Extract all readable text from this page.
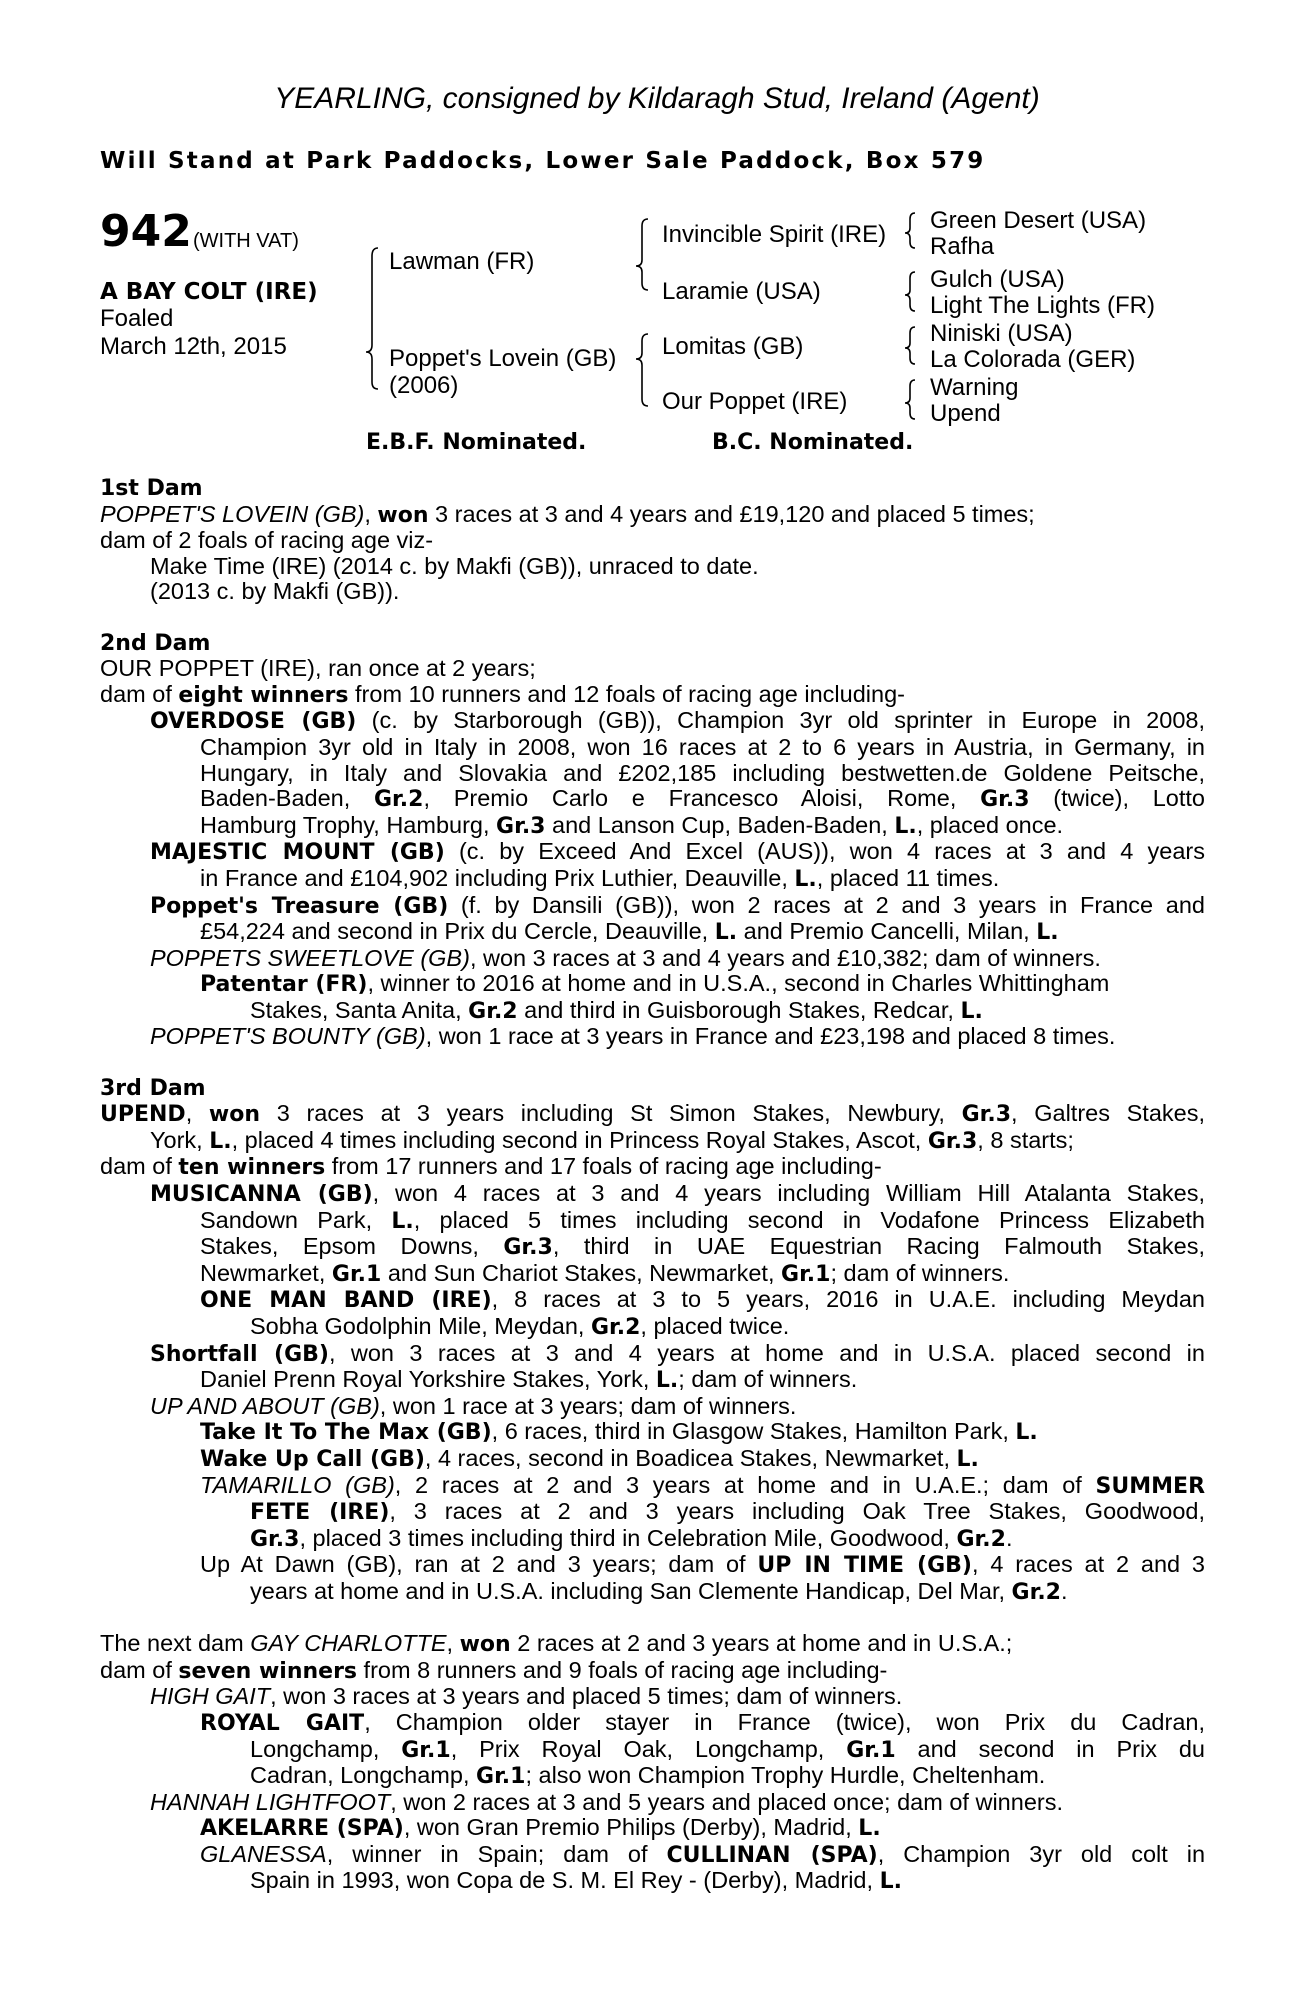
YEARLING, consigned by Kildaragh Stud, Ireland (Agent)
Will Stand at Park Paddocks, Lower Sale Paddock, Box 579
942 (WITH VAT)
A BAY COLT (IRE)
Foaled
March 12th, 2015
Lawman (FR)
Poppet's Lovein (GB)
(2006)
Invincible Spirit (IRE)
Laramie (USA)
Lomitas (GB)
Our Poppet (IRE)
Green Desert (USA)
Rafha
Gulch (USA)
Light The Lights (FR)
Niniski (USA)
La Colorada (GER)
Warning
Upend
E.B.F. Nominated.	B.C. Nominated.

1st Dam

POPPET'S LOVEIN (GB), won 3 races at 3 and 4 years and £19,120 and placed 5 times;

dam of 2 foals of racing age viz-

Make Time (IRE) (2014 c. by Makfi (GB)), unraced to date.

(2013 c. by Makfi (GB)).

2nd Dam

OUR POPPET (IRE), ran once at 2 years;

dam of eight winners from 10 runners and 12 foals of racing age including-

OVERDOSE (GB) (c. by Starborough (GB)), Champion 3yr old sprinter in Europe in 2008,

Champion 3yr old in Italy in 2008, won 16 races at 2 to 6 years in Austria, in Germany, in

Hungary, in Italy and Slovakia and £202,185 including bestwetten.de Goldene Peitsche,

Baden-Baden, Gr.2, Premio Carlo e Francesco Aloisi, Rome, Gr.3 (twice), Lotto

Hamburg Trophy, Hamburg, Gr.3 and Lanson Cup, Baden-Baden, L., placed once.

MAJESTIC MOUNT (GB) (c. by Exceed And Excel (AUS)), won 4 races at 3 and 4 years

in France and £104,902 including Prix Luthier, Deauville, L., placed 11 times.

Poppet's Treasure (GB) (f. by Dansili (GB)), won 2 races at 2 and 3 years in France and

£54,224 and second in Prix du Cercle, Deauville, L. and Premio Cancelli, Milan, L.

POPPETS SWEETLOVE (GB), won 3 races at 3 and 4 years and £10,382; dam of winners.

Patentar (FR), winner to 2016 at home and in U.S.A., second in Charles Whittingham

Stakes, Santa Anita, Gr.2 and third in Guisborough Stakes, Redcar, L.

POPPET'S BOUNTY (GB), won 1 race at 3 years in France and £23,198 and placed 8 times.

3rd Dam

UPEND, won 3 races at 3 years including St Simon Stakes, Newbury, Gr.3, Galtres Stakes,

York, L., placed 4 times including second in Princess Royal Stakes, Ascot, Gr.3, 8 starts;

dam of ten winners from 17 runners and 17 foals of racing age including-

MUSICANNA (GB), won 4 races at 3 and 4 years including William Hill Atalanta Stakes,

Sandown Park, L., placed 5 times including second in Vodafone Princess Elizabeth

Stakes, Epsom Downs, Gr.3, third in UAE Equestrian Racing Falmouth Stakes,

Newmarket, Gr.1 and Sun Chariot Stakes, Newmarket, Gr.1; dam of winners.

ONE MAN BAND (IRE), 8 races at 3 to 5 years, 2016 in U.A.E. including Meydan

Sobha Godolphin Mile, Meydan, Gr.2, placed twice.

Shortfall (GB), won 3 races at 3 and 4 years at home and in U.S.A. placed second in

Daniel Prenn Royal Yorkshire Stakes, York, L.; dam of winners.

UP AND ABOUT (GB), won 1 race at 3 years; dam of winners.

Take It To The Max (GB), 6 races, third in Glasgow Stakes, Hamilton Park, L.

Wake Up Call (GB), 4 races, second in Boadicea Stakes, Newmarket, L.

TAMARILLO (GB), 2 races at 2 and 3 years at home and in U.A.E.; dam of SUMMER

FETE (IRE), 3 races at 2 and 3 years including Oak Tree Stakes, Goodwood,

Gr.3, placed 3 times including third in Celebration Mile, Goodwood, Gr.2.

Up At Dawn (GB), ran at 2 and 3 years; dam of UP IN TIME (GB), 4 races at 2 and 3

years at home and in U.S.A. including San Clemente Handicap, Del Mar, Gr.2.

The next dam GAY CHARLOTTE, won 2 races at 2 and 3 years at home and in U.S.A.;

dam of seven winners from 8 runners and 9 foals of racing age including-

HIGH GAIT, won 3 races at 3 years and placed 5 times; dam of winners.

ROYAL GAIT, Champion older stayer in France (twice), won Prix du Cadran,

Longchamp, Gr.1, Prix Royal Oak, Longchamp, Gr.1 and second in Prix du

Cadran, Longchamp, Gr.1; also won Champion Trophy Hurdle, Cheltenham.

HANNAH LIGHTFOOT, won 2 races at 3 and 5 years and placed once; dam of winners.

AKELARRE (SPA), won Gran Premio Philips (Derby), Madrid, L.

GLANESSA, winner in Spain; dam of CULLINAN (SPA), Champion 3yr old colt in

Spain in 1993, won Copa de S. M. El Rey - (Derby), Madrid, L.
